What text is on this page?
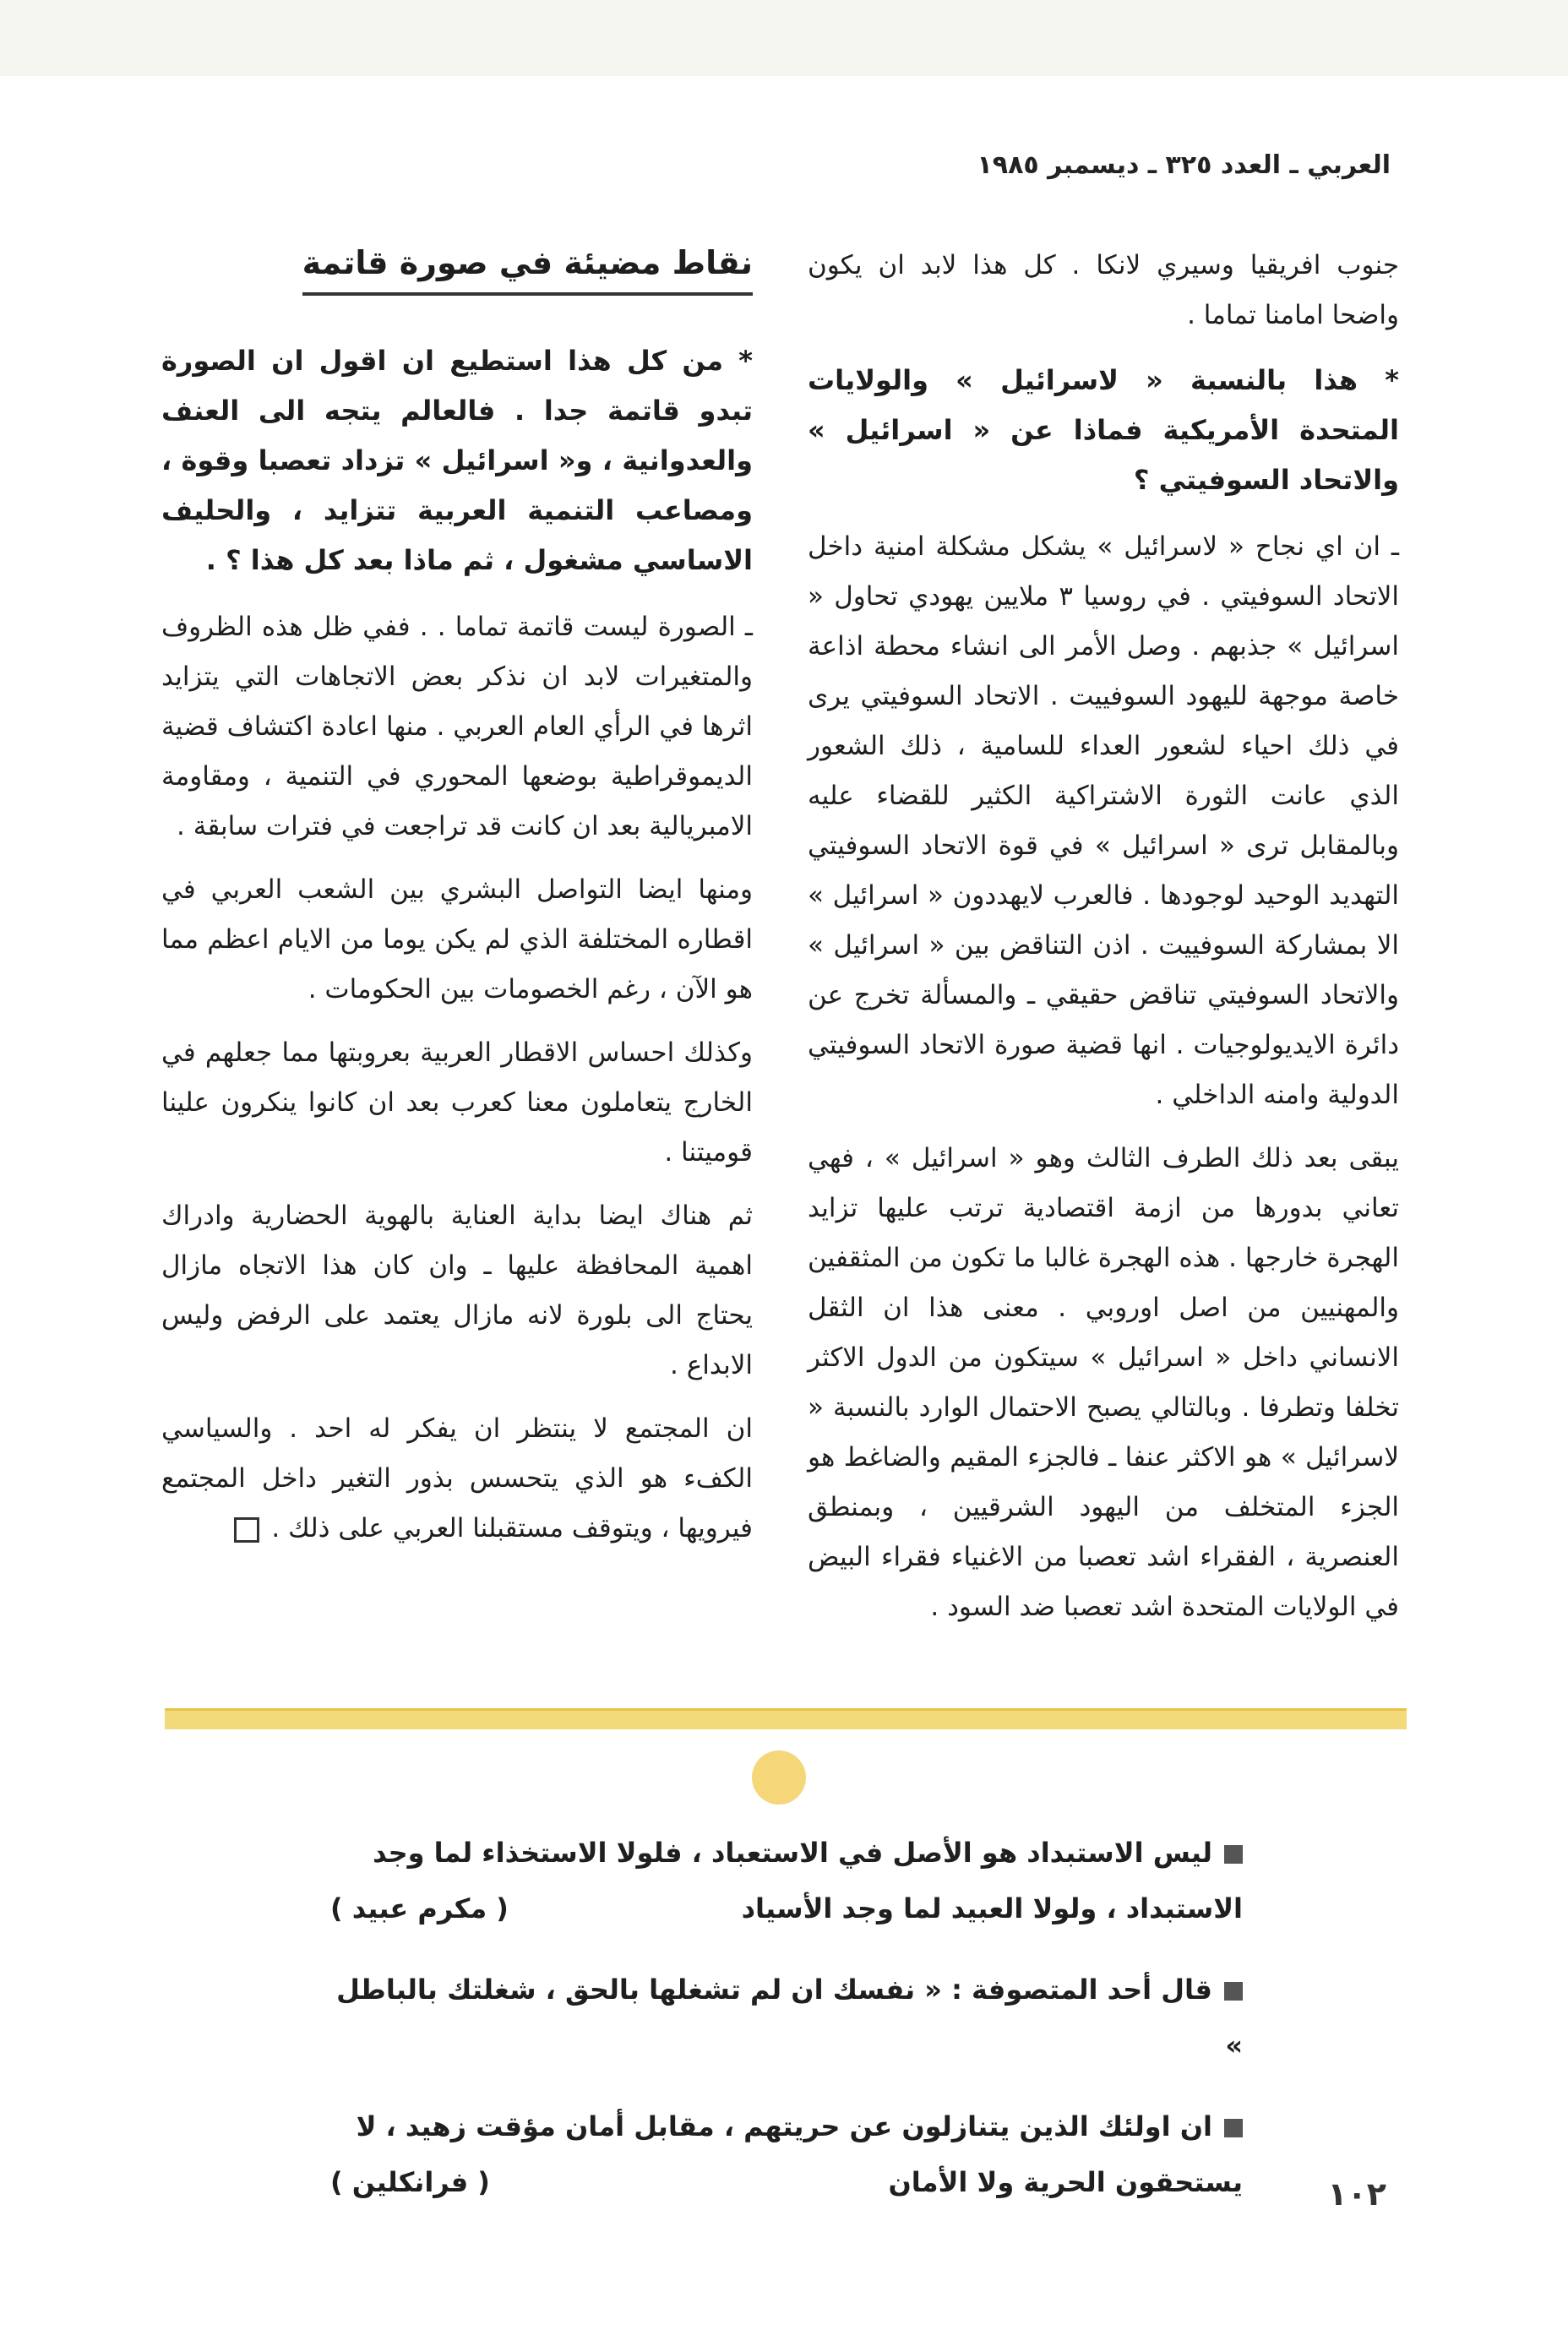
العربي ـ العدد ٣٢٥ ـ ديسمبر ١٩٨٥

جنوب افريقيا وسيري لانكا . كل هذا لابد ان يكون واضحا امامنا تماما .

* هذا بالنسبة « لاسرائيل » والولايات المتحدة الأمريكية فماذا عن « اسرائيل » والاتحاد السوفيتي ؟

ـ ان اي نجاح « لاسرائيل » يشكل مشكلة امنية داخل الاتحاد السوفيتي . في روسيا ٣ ملايين يهودي تحاول « اسرائيل » جذبهم . وصل الأمر الى انشاء محطة اذاعة خاصة موجهة لليهود السوفييت . الاتحاد السوفيتي يرى في ذلك احياء لشعور العداء للسامية ، ذلك الشعور الذي عانت الثورة الاشتراكية الكثير للقضاء عليه وبالمقابل ترى « اسرائيل » في قوة الاتحاد السوفيتي التهديد الوحيد لوجودها . فالعرب لايهددون « اسرائيل » الا بمشاركة السوفييت . اذن التناقض بين « اسرائيل » والاتحاد السوفيتي تناقض حقيقي ـ والمسألة تخرج عن دائرة الايديولوجيات . انها قضية صورة الاتحاد السوفيتي الدولية وامنه الداخلي .

يبقى بعد ذلك الطرف الثالث وهو « اسرائيل » ، فهي تعاني بدورها من ازمة اقتصادية ترتب عليها تزايد الهجرة خارجها . هذه الهجرة غالبا ما تكون من المثقفين والمهنيين من اصل اوروبي . معنى هذا ان الثقل الانساني داخل « اسرائيل » سيتكون من الدول الاكثر تخلفا وتطرفا . وبالتالي يصبح الاحتمال الوارد بالنسبة « لاسرائيل » هو الاكثر عنفا ـ فالجزء المقيم والضاغط هو الجزء المتخلف من اليهود الشرقيين ، وبمنطق العنصرية ، الفقراء اشد تعصبا من الاغنياء فقراء البيض في الولايات المتحدة اشد تعصبا ضد السود .

نقاط مضيئة في صورة قاتمة

* من كل هذا استطيع ان اقول ان الصورة تبدو قاتمة جدا . فالعالم يتجه الى العنف والعدوانية ، و« اسرائيل » تزداد تعصبا وقوة ، ومصاعب التنمية العربية تتزايد ، والحليف الاساسي مشغول ، ثم ماذا بعد كل هذا ؟ .

ـ الصورة ليست قاتمة تماما . . ففي ظل هذه الظروف والمتغيرات لابد ان نذكر بعض الاتجاهات التي يتزايد اثرها في الرأي العام العربي . منها اعادة اكتشاف قضية الديموقراطية بوضعها المحوري في التنمية ، ومقاومة الامبريالية بعد ان كانت قد تراجعت في فترات سابقة .

ومنها ايضا التواصل البشري بين الشعب العربي في اقطاره المختلفة الذي لم يكن يوما من الايام اعظم مما هو الآن ، رغم الخصومات بين الحكومات .

وكذلك احساس الاقطار العربية بعروبتها مما جعلهم في الخارج يتعاملون معنا كعرب بعد ان كانوا ينكرون علينا قوميتنا .

ثم هناك ايضا بداية العناية بالهوية الحضارية وادراك اهمية المحافظة عليها ـ وان كان هذا الاتجاه مازال يحتاج الى بلورة لانه مازال يعتمد على الرفض وليس الابداع .

ان المجتمع لا ينتظر ان يفكر له احد . والسياسي الكفء هو الذي يتحسس بذور التغير داخل المجتمع فيرويها ، ويتوقف مستقبلنا العربي على ذلك .

ليس الاستبداد هو الأصل في الاستعباد ، فلولا الاستخذاء لما وجد الاستبداد ، ولولا العبيد لما وجد الأسياد
( مكرم عبيد )
قال أحد المتصوفة : « نفسك ان لم تشغلها بالحق ، شغلتك بالباطل »
ان اولئك الذين يتنازلون عن حريتهم ، مقابل أمان مؤقت زهيد ، لا يستحقون الحرية ولا الأمان
( فرانكلين )	١٠٢
